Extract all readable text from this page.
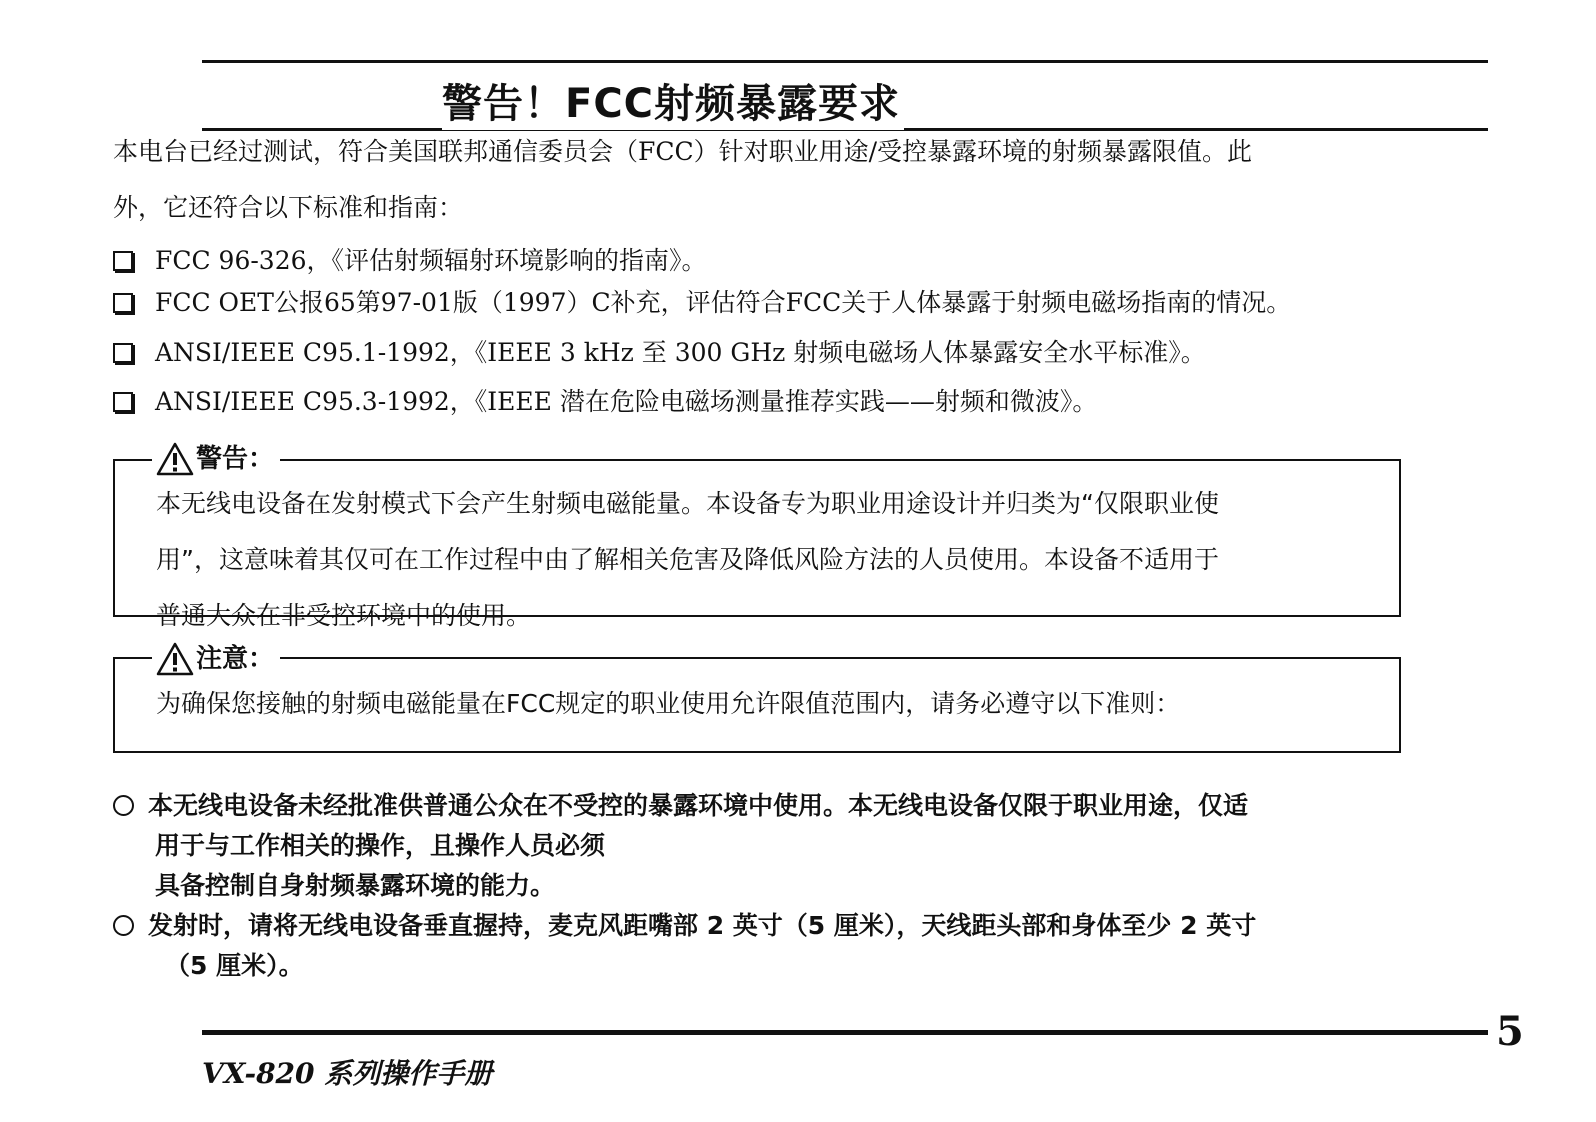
警告！FCC射频暴露要求
本电台已经过测试，符合美国联邦通信委员会（FCC）针对职业用途/受控暴露环境的射频暴露限值。此
外，它还符合以下标准和指南：
FCC 96-326，《评估射频辐射环境影响的指南》。
FCC OET公报65第97-01版（1997）C补充，评估符合FCC关于人体暴露于射频电磁场指南的情况。
ANSI/IEEE C95.1-1992，《IEEE 3 kHz 至 300 GHz 射频电磁场人体暴露安全水平标准》。
ANSI/IEEE C95.3-1992，《IEEE 潜在危险电磁场测量推荐实践——射频和微波》。
警告：
本无线电设备在发射模式下会产生射频电磁能量。本设备专为职业用途设计并归类为“仅限职业使
用”，这意味着其仅可在工作过程中由了解相关危害及降低风险方法的人员使用。本设备不适用于
普通大众在非受控环境中的使用。
注意：
为确保您接触的射频电磁能量在FCC规定的职业使用允许限值范围内，请务必遵守以下准则：
本无线电设备未经批准供普通公众在不受控的暴露环境中使用。本无线电设备仅限于职业用途，仅适
用于与工作相关的操作，且操作人员必须
具备控制自身射频暴露环境的能力。
发射时，请将无线电设备垂直握持，麦克风距嘴部 2 英寸（5 厘米），天线距头部和身体至少 2 英寸
（5 厘米）。
5
VX-820 系列操作手册
